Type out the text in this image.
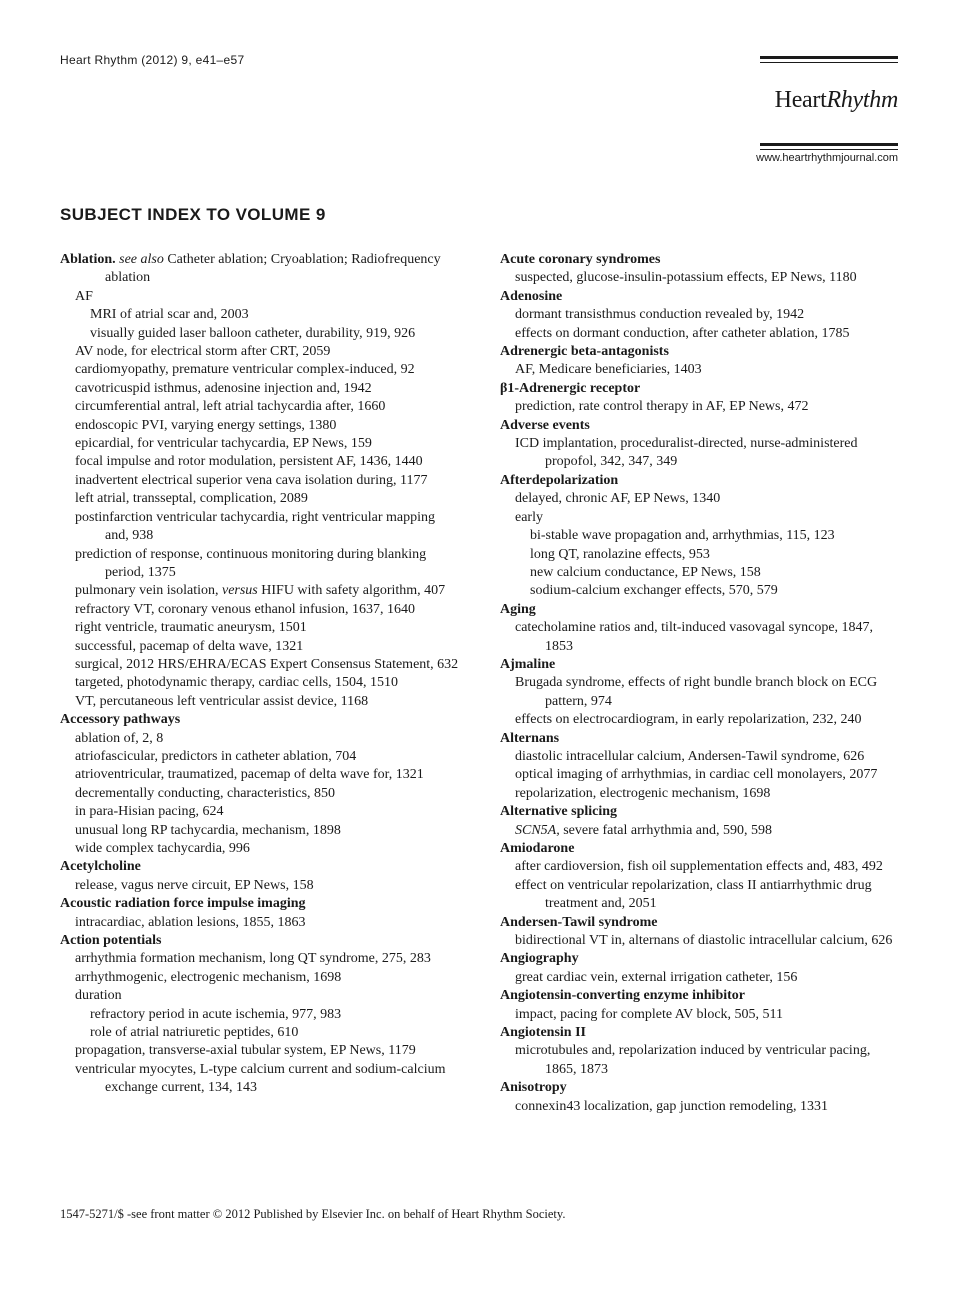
Heart Rhythm (2012) 9, e41–e57
HeartRhythm
www.heartrhythmjournal.com
SUBJECT INDEX TO VOLUME 9
Ablation. see also Catheter ablation; Cryoablation; Radiofrequency ablation
AF
MRI of atrial scar and, 2003
visually guided laser balloon catheter, durability, 919, 926
AV node, for electrical storm after CRT, 2059
cardiomyopathy, premature ventricular complex-induced, 92
cavotricuspid isthmus, adenosine injection and, 1942
circumferential antral, left atrial tachycardia after, 1660
endoscopic PVI, varying energy settings, 1380
epicardial, for ventricular tachycardia, EP News, 159
focal impulse and rotor modulation, persistent AF, 1436, 1440
inadvertent electrical superior vena cava isolation during, 1177
left atrial, transseptal, complication, 2089
postinfarction ventricular tachycardia, right ventricular mapping and, 938
prediction of response, continuous monitoring during blanking period, 1375
pulmonary vein isolation, versus HIFU with safety algorithm, 407
refractory VT, coronary venous ethanol infusion, 1637, 1640
right ventricle, traumatic aneurysm, 1501
successful, pacemap of delta wave, 1321
surgical, 2012 HRS/EHRA/ECAS Expert Consensus Statement, 632
targeted, photodynamic therapy, cardiac cells, 1504, 1510
VT, percutaneous left ventricular assist device, 1168
Accessory pathways
ablation of, 2, 8
atriofascicular, predictors in catheter ablation, 704
atrioventricular, traumatized, pacemap of delta wave for, 1321
decrementally conducting, characteristics, 850
in para-Hisian pacing, 624
unusual long RP tachycardia, mechanism, 1898
wide complex tachycardia, 996
Acetylcholine
release, vagus nerve circuit, EP News, 158
Acoustic radiation force impulse imaging
intracardiac, ablation lesions, 1855, 1863
Action potentials
arrhythmia formation mechanism, long QT syndrome, 275, 283
arrhythmogenic, electrogenic mechanism, 1698
duration
refractory period in acute ischemia, 977, 983
role of atrial natriuretic peptides, 610
propagation, transverse-axial tubular system, EP News, 1179
ventricular myocytes, L-type calcium current and sodium-calcium exchange current, 134, 143
Acute coronary syndromes
suspected, glucose-insulin-potassium effects, EP News, 1180
Adenosine
dormant transisthmus conduction revealed by, 1942
effects on dormant conduction, after catheter ablation, 1785
Adrenergic beta-antagonists
AF, Medicare beneficiaries, 1403
β1-Adrenergic receptor
prediction, rate control therapy in AF, EP News, 472
Adverse events
ICD implantation, proceduralist-directed, nurse-administered propofol, 342, 347, 349
Afterdepolarization
delayed, chronic AF, EP News, 1340
early
bi-stable wave propagation and, arrhythmias, 115, 123
long QT, ranolazine effects, 953
new calcium conductance, EP News, 158
sodium-calcium exchanger effects, 570, 579
Aging
catecholamine ratios and, tilt-induced vasovagal syncope, 1847, 1853
Ajmaline
Brugada syndrome, effects of right bundle branch block on ECG pattern, 974
effects on electrocardiogram, in early repolarization, 232, 240
Alternans
diastolic intracellular calcium, Andersen-Tawil syndrome, 626
optical imaging of arrhythmias, in cardiac cell monolayers, 2077
repolarization, electrogenic mechanism, 1698
Alternative splicing
SCN5A, severe fatal arrhythmia and, 590, 598
Amiodarone
after cardioversion, fish oil supplementation effects and, 483, 492
effect on ventricular repolarization, class II antiarrhythmic drug treatment and, 2051
Andersen-Tawil syndrome
bidirectional VT in, alternans of diastolic intracellular calcium, 626
Angiography
great cardiac vein, external irrigation catheter, 156
Angiotensin-converting enzyme inhibitor
impact, pacing for complete AV block, 505, 511
Angiotensin II
microtubules and, repolarization induced by ventricular pacing, 1865, 1873
Anisotropy
connexin43 localization, gap junction remodeling, 1331
1547-5271/$ -see front matter © 2012 Published by Elsevier Inc. on behalf of Heart Rhythm Society.
